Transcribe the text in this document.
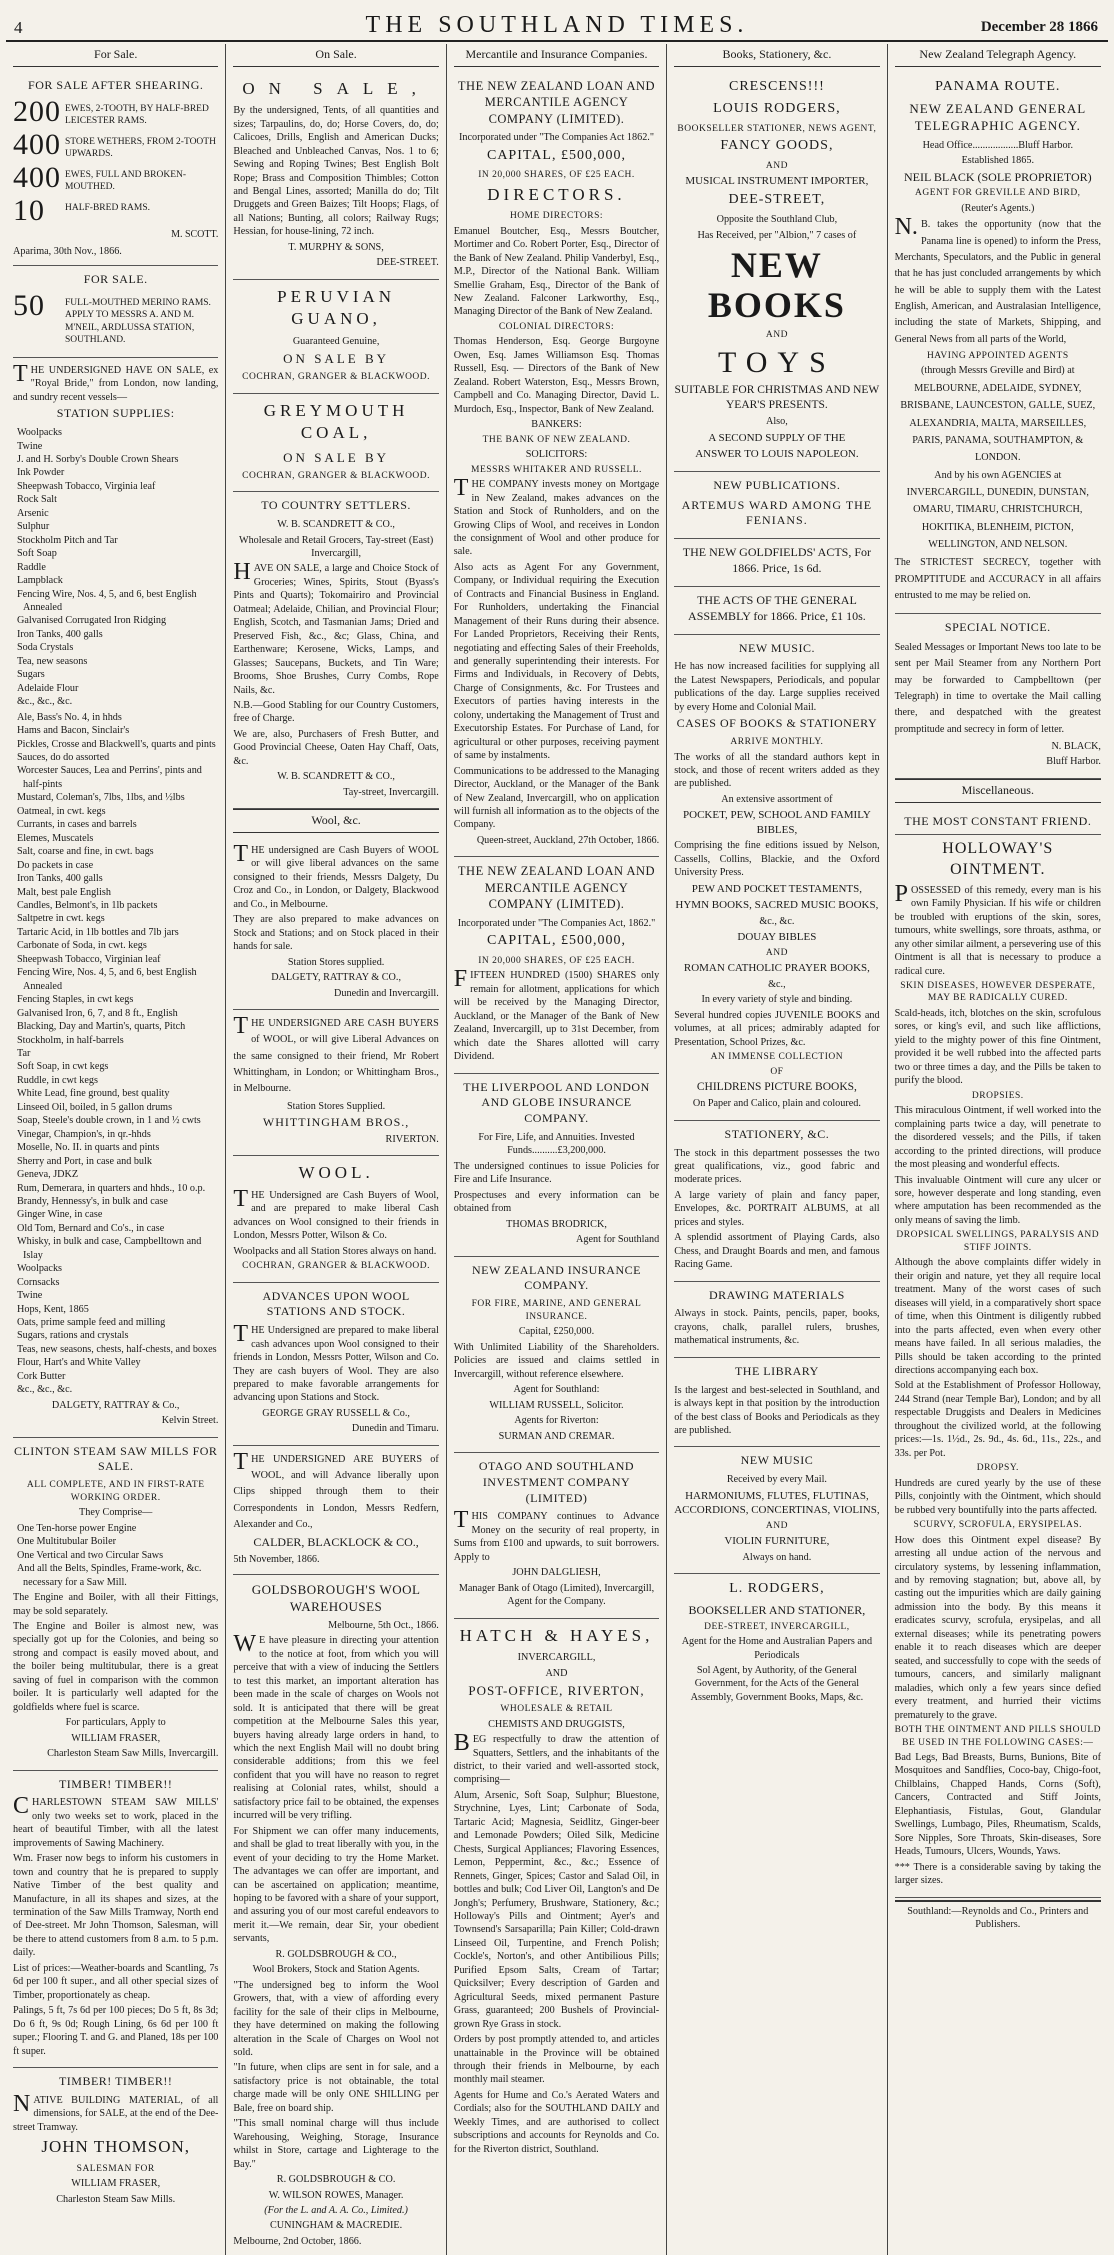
4	THE SOUTHLAND TIMES.	December 28 1866
For Sale.
FOR SALE AFTER SHEARING.
200 EWES, 2-TOOTH, BY HALF-BRED LEICESTER RAMS.
400 STORE WETHERS, FROM 2-TOOTH UPWARDS.
400 EWES, FULL AND BROKEN-MOUTHED.
10	HALF-BRED RAMS.
M. SCOTT.
Aparima, 30th Nov., 1866.
FOR SALE.
50	FULL-MOUTHED MERINO RAMS. APPLY TO MESSRS A. AND M. M'NEIL, ARDLUSSA STATION, SOUTHLAND.
THE UNDERSIGNED HAVE ON SALE, ex "Royal Bride," from London, now landing, and sundry recent vessels—
STATION SUPPLIES:
Woolpacks
Twine
J. and H. Sorby's Double Crown Shears
Ink Powder
Sheepwash Tobacco, Virginia leaf
Rock Salt
Arsenic
Sulphur
Stockholm Pitch and Tar
Soft Soap
Raddle
Lampblack
Fencing Wire, Nos. 4, 5, and 6, best English Annealed
Galvanised Corrugated Iron Ridging
Iron Tanks, 400 galls
Soda Crystals
Tea, new seasons
Sugars
Adelaide Flour
&c., &c., &c.
Ale, Bass's No. 4, in hhds
Hams and Bacon, Sinclair's
Pickles, Crosse and Blackwell's, quarts and pints
Sauces, do do assorted
Worcester Sauces, Lea and Perrins', pints and half-pints
Mustard, Coleman's, 7lbs, 1lbs, and ½lbs
Oatmeal, in cwt. kegs
Currants, in cases and barrels
Elemes, Muscatels
Salt, coarse and fine, in cwt. bags
Do packets in case
Iron Tanks, 400 galls
Malt, best pale English
Candles, Belmont's, in 1lb packets
Saltpetre in cwt. kegs
Tartaric Acid, in 1lb bottles and 7lb jars
Carbonate of Soda, in cwt. kegs
Sheepwash Tobacco, Virginian leaf
Fencing Wire, Nos. 4, 5, and 6, best English Annealed
Fencing Staples, in cwt kegs
Galvanised Iron, 6, 7, and 8 ft., English
Blacking, Day and Martin's, quarts, Pitch
Stockholm, in half-barrels
Tar
Soft Soap, in cwt kegs
Ruddle, in cwt kegs
White Lead, fine ground, best quality
Linseed Oil, boiled, in 5 gallon drums
Soap, Steele's double crown, in 1 and ½ cwts
Vinegar, Champion's, in qr.-hhds
Moselle, No. II. in quarts and pints
Sherry and Port, in case and bulk
Geneva, JDKZ
Rum, Demerara, in quarters and hhds., 10 o.p.
Brandy, Hennessy's, in bulk and case
Ginger Wine, in case
Old Tom, Bernard and Co's., in case
Whisky, in bulk and case, Campbelltown and Islay
Woolpacks
Cornsacks
Twine
Hops, Kent, 1865
Oats, prime sample feed and milling
Sugars, rations and crystals
Teas, new seasons, chests, half-chests, and boxes
Flour, Hart's and White Valley
Cork Butter
&c., &c., &c.
DALGETY, RATTRAY & Co.,
Kelvin Street.
CLINTON STEAM SAW MILLS FOR SALE.
ALL COMPLETE, AND IN FIRST-RATE WORKING ORDER.
They Comprise—
One Ten-horse power Engine
One Multitubular Boiler
One Vertical and two Circular Saws
And all the Belts, Spindles, Frame-work, &c. necessary for a Saw Mill.
The Engine and Boiler, with all their Fittings, may be sold separately.
The Engine and Boiler is almost new, was specially got up for the Colonies, and being so strong and compact is easily moved about, and the boiler being multitubular, there is a great saving of fuel in comparison with the common boiler. It is particularly well adapted for the goldfields where fuel is scarce.
For particulars, Apply to
WILLIAM FRASER,
Charleston Steam Saw Mills, Invercargill.
TIMBER! TIMBER!!
CHARLESTOWN STEAM SAW MILLS' only two weeks set to work, placed in the heart of beautiful Timber, with all the latest improvements of Sawing Machinery.
Wm. Fraser now begs to inform his customers in town and country that he is prepared to supply Native Timber of the best quality and Manufacture, in all its shapes and sizes, at the termination of the Saw Mills Tramway, North end of Dee-street. Mr John Thomson, Salesman, will be there to attend customers from 8 a.m. to 5 p.m. daily.
List of prices:—Weather-boards and Scantling, 7s 6d per 100 ft super., and all other special sizes of Timber, proportionately as cheap.
Palings, 5 ft, 7s 6d per 100 pieces; Do 5 ft, 8s 3d; Do 6 ft, 9s 0d; Rough Lining, 6s 6d per 100 ft super.; Flooring T. and G. and Planed, 18s per 100 ft super.
TIMBER! TIMBER!!
NATIVE BUILDING MATERIAL, of all dimensions, for SALE, at the end of the Dee-street Tramway.
JOHN THOMSON,
SALESMAN FOR
WILLIAM FRASER,
Charleston Steam Saw Mills.
On Sale.
ON SALE,
By the undersigned, Tents, of all quantities and sizes; Tarpaulins, do, do; Horse Covers, do, do; Calicoes, Drills, English and American Ducks; Bleached and Unbleached Canvas, Nos. 1 to 6; Sewing and Roping Twines; Best English Bolt Rope; Brass and Composition Thimbles; Cotton and Bengal Lines, assorted; Manilla do do; Tilt Druggets and Green Baizes; Tilt Hoops; Flags, of all Nations; Bunting, all colors; Railway Rugs; Hessian, for house-lining, 72 inch.
T. MURPHY & SONS,
DEE-STREET.
PERUVIAN GUANO,
Guaranteed Genuine,
ON SALE BY
COCHRAN, GRANGER & BLACKWOOD.
GREYMOUTH COAL,
ON SALE BY
COCHRAN, GRANGER & BLACKWOOD.
TO COUNTRY SETTLERS.
W. B. SCANDRETT & CO.,
Wholesale and Retail Grocers, Tay-street (East) Invercargill,
HAVE ON SALE, a large and Choice Stock of Groceries; Wines, Spirits, Stout (Byass's Pints and Quarts); Tokomairiro and Provincial Oatmeal; Adelaide, Chilian, and Provincial Flour; English, Scotch, and Tasmanian Jams; Dried and Preserved Fish, &c., &c; Glass, China, and Earthenware; Kerosene, Wicks, Lamps, and Glasses; Saucepans, Buckets, and Tin Ware; Brooms, Shoe Brushes, Curry Combs, Rope Nails, &c.
N.B.—Good Stabling for our Country Customers, free of Charge.
We are, also, Purchasers of Fresh Butter, and Good Provincial Cheese, Oaten Hay Chaff, Oats, &c.
W. B. SCANDRETT & CO.,
Tay-street, Invercargill.
Wool, &c.
THE undersigned are Cash Buyers of WOOL or will give liberal advances on the same consigned to their friends, Messrs Dalgety, Du Croz and Co., in London, or Dalgety, Blackwood and Co., in Melbourne.
They are also prepared to make advances on Stock and Stations; and on Stock placed in their hands for sale.
Station Stores supplied.
DALGETY, RATTRAY & CO.,
Dunedin and Invercargill.
THE UNDERSIGNED ARE CASH BUYERS of WOOL, or will give Liberal Advances on the same consigned to their friend, Mr Robert Whittingham, in London; or Whittingham Bros., in Melbourne.
Station Stores Supplied.
WHITTINGHAM BROS.,
RIVERTON.
WOOL.
THE Undersigned are Cash Buyers of Wool, and are prepared to make liberal Cash advances on Wool consigned to their friends in London, Messrs Potter, Wilson & Co.
Woolpacks and all Station Stores always on hand.
COCHRAN, GRANGER & BLACKWOOD.
ADVANCES UPON WOOL STATIONS AND STOCK.
THE Undersigned are prepared to make liberal cash advances upon Wool consigned to their friends in London, Messrs Potter, Wilson and Co. They are cash buyers of Wool. They are also prepared to make favorable arrangements for advancing upon Stations and Stock.
GEORGE GRAY RUSSELL & Co.,
Dunedin and Timaru.
THE UNDERSIGNED ARE BUYERS of WOOL, and will Advance liberally upon Clips shipped through them to their Correspondents in London, Messrs Redfern, Alexander and Co.,
CALDER, BLACKLOCK & CO.,
5th November, 1866.
GOLDSBOROUGH'S WOOL WAREHOUSES
Melbourne, 5th Oct., 1866.
WE have pleasure in directing your attention to the notice at foot, from which you will perceive that with a view of inducing the Settlers to test this market, an important alteration has been made in the scale of charges on Wools not sold. It is anticipated that there will be great competition at the Melbourne Sales this year, buyers having already large orders in hand, to which the next English Mail will no doubt bring considerable additions; from this we feel confident that you will have no reason to regret realising at Colonial rates, whilst, should a satisfactory price fail to be obtained, the expenses incurred will be very trifling.
For Shipment we can offer many inducements, and shall be glad to treat liberally with you, in the event of your deciding to try the Home Market. The advantages we can offer are important, and can be ascertained on application; meantime, hoping to be favored with a share of your support, and assuring you of our most careful endeavors to merit it.—We remain, dear Sir, your obedient servants,
R. GOLDSBROUGH & CO.,
Wool Brokers, Stock and Station Agents.
"The undersigned beg to inform the Wool Growers, that, with a view of affording every facility for the sale of their clips in Melbourne, they have determined on making the following alteration in the Scale of Charges on Wool not sold.
"In future, when clips are sent in for sale, and a satisfactory price is not obtainable, the total charge made will be only ONE SHILLING per Bale, free on board ship.
"This small nominal charge will thus include Warehousing, Weighing, Storage, Insurance whilst in Store, cartage and Lighterage to the Bay."
R. GOLDSBROUGH & CO.
W. WILSON ROWES, Manager.
(For the L. and A. A. Co., Limited.)
CUNINGHAM & MACREDIE.
Melbourne, 2nd October, 1866.
Mercantile and Insurance Companies.
THE NEW ZEALAND LOAN AND MERCANTILE AGENCY COMPANY (LIMITED).
Incorporated under "The Companies Act 1862."
CAPITAL, £500,000,
IN 20,000 SHARES, OF £25 EACH.
DIRECTORS.
HOME DIRECTORS:
Emanuel Boutcher, Esq., Messrs Boutcher, Mortimer and Co. Robert Porter, Esq., Director of the Bank of New Zealand. Philip Vanderbyl, Esq., M.P., Director of the National Bank. William Smellie Graham, Esq., Director of the Bank of New Zealand. Falconer Larkworthy, Esq., Managing Director of the Bank of New Zealand.
COLONIAL DIRECTORS:
Thomas Henderson, Esq. George Burgoyne Owen, Esq. James Williamson Esq. Thomas Russell, Esq. — Directors of the Bank of New Zealand. Robert Waterston, Esq., Messrs Brown, Campbell and Co. Managing Director, David L. Murdoch, Esq., Inspector, Bank of New Zealand.
BANKERS:
THE BANK OF NEW ZEALAND.
SOLICITORS:
MESSRS WHITAKER AND RUSSELL.
THE COMPANY invests money on Mortgage in New Zealand, makes advances on the Station and Stock of Runholders, and on the Growing Clips of Wool, and receives in London the consignment of Wool and other produce for sale.
Also acts as Agent For any Government, Company, or Individual requiring the Execution of Contracts and Financial Business in England. For Runholders, undertaking the Financial Management of their Runs during their absence. For Landed Proprietors, Receiving their Rents, negotiating and effecting Sales of their Freeholds, and generally superintending their interests. For Firms and Individuals, in Recovery of Debts, Charge of Consignments, &c. For Trustees and Executors of parties having interests in the colony, undertaking the Management of Trust and Executorship Estates. For Purchase of Land, for agricultural or other purposes, receiving payment of same by instalments.
Communications to be addressed to the Managing Director, Auckland, or the Manager of the Bank of New Zealand, Invercargill, who on application will furnish all information as to the objects of the Company.
Queen-street, Auckland, 27th October, 1866.
THE NEW ZEALAND LOAN AND MERCANTILE AGENCY COMPANY (LIMITED).
Incorporated under "The Companies Act, 1862."
CAPITAL, £500,000,
IN 20,000 SHARES, OF £25 EACH.
FIFTEEN HUNDRED (1500) SHARES only remain for allotment, applications for which will be received by the Managing Director, Auckland, or the Manager of the Bank of New Zealand, Invercargill, up to 31st December, from which date the Shares allotted will carry Dividend.
THE LIVERPOOL AND LONDON AND GLOBE INSURANCE COMPANY.
For Fire, Life, and Annuities. Invested Funds..........£3,200,000.
The undersigned continues to issue Policies for Fire and Life Insurance.
Prospectuses and every information can be obtained from
THOMAS BRODRICK,
Agent for Southland
NEW ZEALAND INSURANCE COMPANY.
FOR FIRE, MARINE, AND GENERAL INSURANCE.
Capital, £250,000.
With Unlimited Liability of the Shareholders. Policies are issued and claims settled in Invercargill, without reference elsewhere.
Agent for Southland:
WILLIAM RUSSELL, Solicitor.
Agents for Riverton:
SURMAN AND CREMAR.
OTAGO AND SOUTHLAND INVESTMENT COMPANY (LIMITED)
THIS COMPANY continues to Advance Money on the security of real property, in Sums from £100 and upwards, to suit borrowers. Apply to
JOHN DALGLIESH,
Manager Bank of Otago (Limited), Invercargill, Agent for the Company.
HATCH & HAYES,
INVERCARGILL,
AND
POST-OFFICE, RIVERTON,
WHOLESALE & RETAIL
CHEMISTS AND DRUGGISTS,
BEG respectfully to draw the attention of Squatters, Settlers, and the inhabitants of the district, to their varied and well-assorted stock, comprising—
Alum, Arsenic, Soft Soap, Sulphur; Bluestone, Strychnine, Lyes, Lint; Carbonate of Soda, Tartaric Acid; Magnesia, Seidlitz, Ginger-beer and Lemonade Powders; Oiled Silk, Medicine Chests, Surgical Appliances; Flavoring Essences, Lemon, Peppermint, &c., &c.; Essence of Rennets, Ginger, Spices; Castor and Salad Oil, in bottles and bulk; Cod Liver Oil, Langton's and De Jongh's; Perfumery, Brushware, Stationery, &c.; Holloway's Pills and Ointment; Ayer's and Townsend's Sarsaparilla; Pain Killer; Cold-drawn Linseed Oil, Turpentine, and French Polish; Cockle's, Norton's, and other Antibilious Pills; Purified Epsom Salts, Cream of Tartar; Quicksilver; Every description of Garden and Agricultural Seeds, mixed permanent Pasture Grass, guaranteed; 200 Bushels of Provincial-grown Rye Grass in stock.
Orders by post promptly attended to, and articles unattainable in the Province will be obtained through their friends in Melbourne, by each monthly mail steamer.
Agents for Hume and Co.'s Aerated Waters and Cordials; also for the SOUTHLAND DAILY and Weekly Times, and are authorised to collect subscriptions and accounts for Reynolds and Co. for the Riverton district, Southland.
Books, Stationery, &c.
CRESCENS!!!
LOUIS RODGERS,
BOOKSELLER STATIONER, NEWS AGENT,
FANCY GOODS,
AND
MUSICAL INSTRUMENT IMPORTER,
DEE-STREET,
Opposite the Southland Club,
Has Received, per "Albion," 7 cases of
NEW BOOKS
AND
TOYS
SUITABLE FOR CHRISTMAS AND NEW YEAR'S PRESENTS.
Also,
A SECOND SUPPLY OF THE
ANSWER TO LOUIS NAPOLEON.
NEW PUBLICATIONS.
ARTEMUS WARD AMONG THE FENIANS.
THE NEW GOLDFIELDS' ACTS, For 1866. Price, 1s 6d.
THE ACTS OF THE GENERAL ASSEMBLY for 1866. Price, £1 10s.
NEW MUSIC.
He has now increased facilities for supplying all the Latest Newspapers, Periodicals, and popular publications of the day. Large supplies received by every Home and Colonial Mail.
CASES OF BOOKS & STATIONERY
ARRIVE MONTHLY.
The works of all the standard authors kept in stock, and those of recent writers added as they are published.
An extensive assortment of
POCKET, PEW, SCHOOL AND FAMILY BIBLES,
Comprising the fine editions issued by Nelson, Cassells, Collins, Blackie, and the Oxford University Press.
PEW AND POCKET TESTAMENTS,
HYMN BOOKS, SACRED MUSIC BOOKS,
&c., &c.
DOUAY BIBLES
AND
ROMAN CATHOLIC PRAYER BOOKS,
&c.,
In every variety of style and binding.
Several hundred copies JUVENILE BOOKS and volumes, at all prices; admirably adapted for Presentation, School Prizes, &c.
AN IMMENSE COLLECTION
OF
CHILDRENS PICTURE BOOKS,
On Paper and Calico, plain and coloured.
STATIONERY, &C.
The stock in this department possesses the two great qualifications, viz., good fabric and moderate prices.
A large variety of plain and fancy paper, Envelopes, &c. PORTRAIT ALBUMS, at all prices and styles.
A splendid assortment of Playing Cards, also Chess, and Draught Boards and men, and famous Racing Game.
DRAWING MATERIALS
Always in stock. Paints, pencils, paper, books, crayons, chalk, parallel rulers, brushes, mathematical instruments, &c.
THE LIBRARY
Is the largest and best-selected in Southland, and is always kept in that position by the introduction of the best class of Books and Periodicals as they are published.
NEW MUSIC
Received by every Mail.
HARMONIUMS, FLUTES, FLUTINAS, ACCORDIONS, CONCERTINAS, VIOLINS,
AND
VIOLIN FURNITURE,
Always on hand.
L. RODGERS,
BOOKSELLER AND STATIONER,
DEE-STREET, INVERCARGILL,
Agent for the Home and Australian Papers and Periodicals
Sol Agent, by Authority, of the General Government, for the Acts of the General Assembly, Government Books, Maps, &c.
New Zealand Telegraph Agency.
PANAMA ROUTE.
NEW ZEALAND GENERAL TELEGRAPHIC AGENCY.
Head Office..................Bluff Harbor.
Established 1865.
NEIL BLACK (SOLE PROPRIETOR)
AGENT FOR GREVILLE AND BIRD,
(Reuter's Agents.)
N.B. takes the opportunity (now that the Panama line is opened) to inform the Press, Merchants, Speculators, and the Public in general that he has just concluded arrangements by which he will be able to supply them with the Latest English, American, and Australasian Intelligence, including the state of Markets, Shipping, and General News from all parts of the World,
HAVING APPOINTED AGENTS
(through Messrs Greville and Bird) at
MELBOURNE, ADELAIDE, SYDNEY, BRISBANE, LAUNCESTON, GALLE, SUEZ, ALEXANDRIA, MALTA, MARSEILLES, PARIS, PANAMA, SOUTHAMPTON, & LONDON.
And by his own AGENCIES at
INVERCARGILL, DUNEDIN, DUNSTAN, OMARU, TIMARU, CHRISTCHURCH, HOKITIKA, BLENHEIM, PICTON, WELLINGTON, AND NELSON.
The STRICTEST SECRECY, together with PROMPTITUDE and ACCURACY in all affairs entrusted to me may be relied on.
SPECIAL NOTICE.
Sealed Messages or Important News too late to be sent per Mail Steamer from any Northern Port may be forwarded to Campbelltown (per Telegraph) in time to overtake the Mail calling there, and despatched with the greatest promptitude and secrecy in form of letter.
N. BLACK,
Bluff Harbor.
Miscellaneous.
THE MOST CONSTANT FRIEND.
HOLLOWAY'S OINTMENT.
POSSESSED of this remedy, every man is his own Family Physician. If his wife or children be troubled with eruptions of the skin, sores, tumours, white swellings, sore throats, asthma, or any other similar ailment, a persevering use of this Ointment is all that is necessary to produce a radical cure.
SKIN DISEASES, HOWEVER DESPERATE, MAY BE RADICALLY CURED.
Scald-heads, itch, blotches on the skin, scrofulous sores, or king's evil, and such like afflictions, yield to the mighty power of this fine Ointment, provided it be well rubbed into the affected parts two or three times a day, and the Pills be taken to purify the blood.
DROPSIES.
This miraculous Ointment, if well worked into the complaining parts twice a day, will penetrate to the disordered vessels; and the Pills, if taken according to the printed directions, will produce the most pleasing and wonderful effects.
This invaluable Ointment will cure any ulcer or sore, however desperate and long standing, even where amputation has been recommended as the only means of saving the limb.
DROPSICAL SWELLINGS, PARALYSIS AND STIFF JOINTS.
Although the above complaints differ widely in their origin and nature, yet they all require local treatment. Many of the worst cases of such diseases will yield, in a comparatively short space of time, when this Ointment is diligently rubbed into the parts affected, even when every other means have failed. In all serious maladies, the Pills should be taken according to the printed directions accompanying each box.
Sold at the Establishment of Professor Holloway, 244 Strand (near Temple Bar), London; and by all respectable Druggists and Dealers in Medicines throughout the civilized world, at the following prices:—1s. 1½d., 2s. 9d., 4s. 6d., 11s., 22s., and 33s. per Pot.
DROPSY.
Hundreds are cured yearly by the use of these Pills, conjointly with the Ointment, which should be rubbed very bountifully into the parts affected.
SCURVY, SCROFULA, ERYSIPELAS.
How does this Ointment expel disease? By arresting all undue action of the nervous and circulatory systems, by lessening inflammation, and by removing stagnation; but, above all, by casting out the impurities which are daily gaining admission into the body. By this means it eradicates scurvy, scrofula, erysipelas, and all external diseases; while its penetrating powers enable it to reach diseases which are deeper seated, and successfully to cope with the seeds of tumours, cancers, and similarly malignant maladies, which only a few years since defied every treatment, and hurried their victims prematurely to the grave.
BOTH THE OINTMENT AND PILLS SHOULD BE USED IN THE FOLLOWING CASES:—
Bad Legs, Bad Breasts, Burns, Bunions, Bite of Mosquitoes and Sandflies, Coco-bay, Chigo-foot, Chilblains, Chapped Hands, Corns (Soft), Cancers, Contracted and Stiff Joints, Elephantiasis, Fistulas, Gout, Glandular Swellings, Lumbago, Piles, Rheumatism, Scalds, Sore Nipples, Sore Throats, Skin-diseases, Sore Heads, Tumours, Ulcers, Wounds, Yaws.
*** There is a considerable saving by taking the larger sizes.
Southland:—Reynolds and Co., Printers and Publishers.
